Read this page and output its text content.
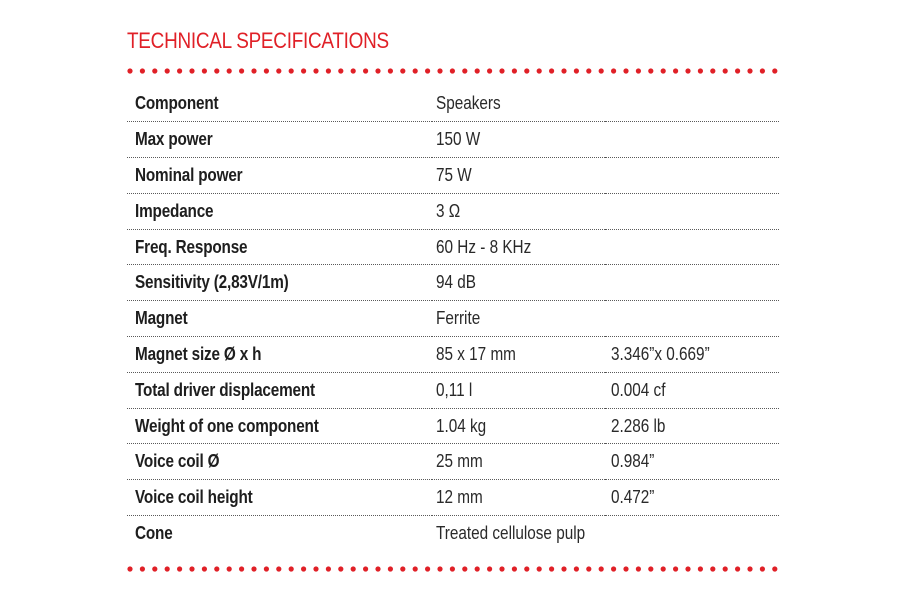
TECHNICAL SPECIFICATIONS
Component	Speakers	
Max power	150 W	
Nominal power	75 W	
Impedance	3 Ω	
Freq. Response	60 Hz - 8 KHz	
Sensitivity (2,83V/1m)	94 dB	
Magnet	Ferrite	
Magnet size Ø x h	85 x 17 mm	3.346”x 0.669”
Total driver displacement	0,11 l	0.004 cf
Weight of one component	1.04 kg	2.286 lb
Voice coil Ø	25 mm	0.984”
Voice coil height	12 mm	0.472”
Cone	Treated cellulose pulp	
